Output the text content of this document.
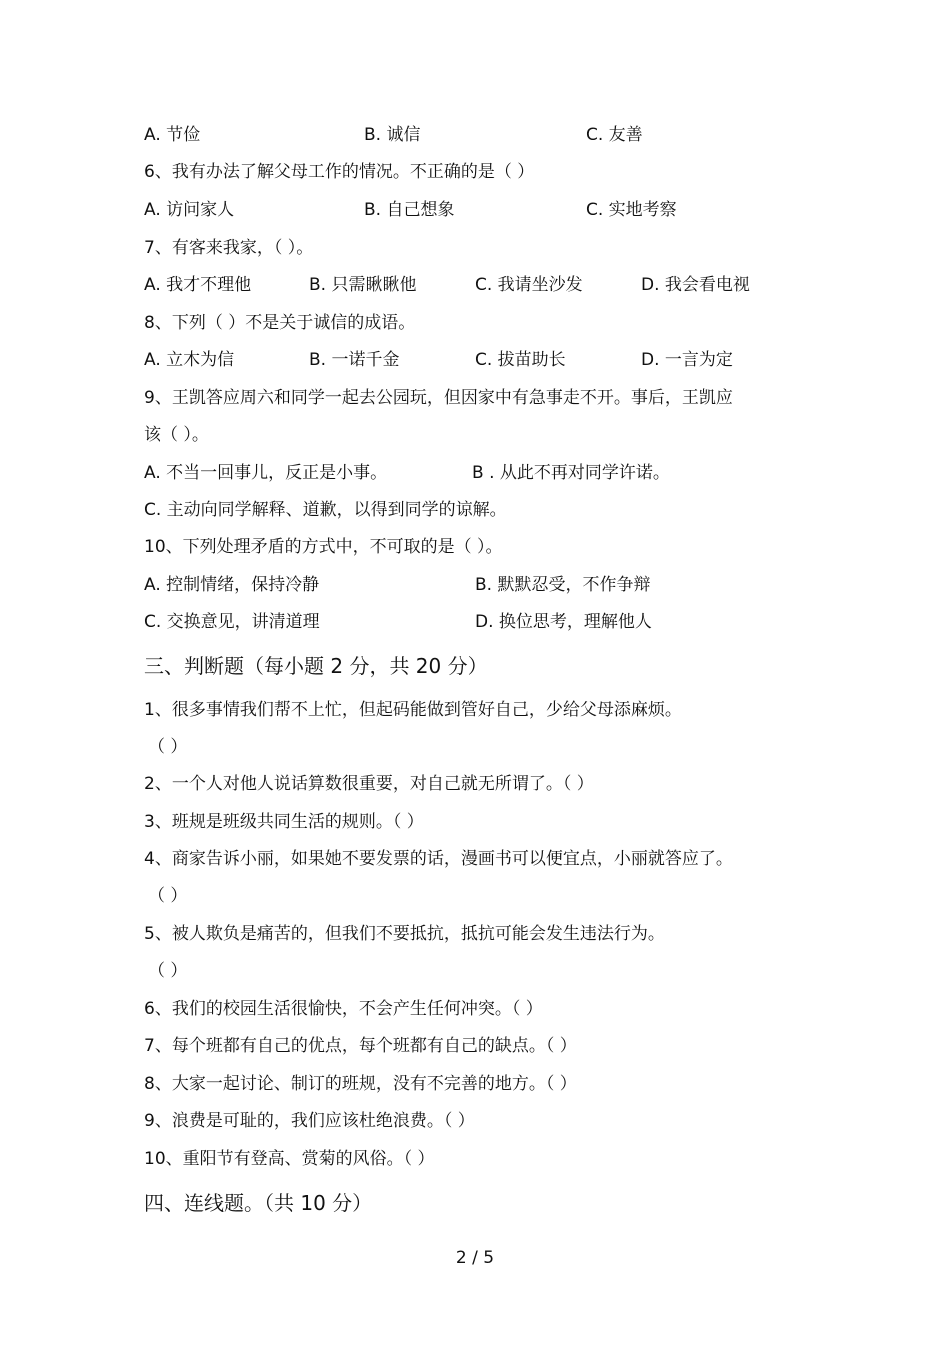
A. 节俭	B. 诚信	C. 友善
6、我有办法了解父母工作的情况。不正确的是（ ）
A. 访问家人	B. 自己想象	C. 实地考察
7、有客来我家，（ ）。
A. 我才不理他	B. 只需瞅瞅他	C. 我请坐沙发	D. 我会看电视
8、下列（ ）不是关于诚信的成语。
A. 立木为信	B. 一诺千金	C. 拔苗助长	D. 一言为定
9、王凯答应周六和同学一起去公园玩，但因家中有急事走不开。事后，王凯应
该（ ）。
A. 不当一回事儿，反正是小事。	B . 从此不再对同学许诺。
C. 主动向同学解释、道歉，以得到同学的谅解。
10、下列处理矛盾的方式中，不可取的是（ ）。
A. 控制情绪，保持冷静	B. 默默忍受，不作争辩
C. 交换意见，讲清道理	D. 换位思考，理解他人
三、判断题（每小题 2 分，共 20 分）
1、很多事情我们帮不上忙，但起码能做到管好自己，少给父母添麻烦。
（ ）
2、一个人对他人说话算数很重要，对自己就无所谓了。（ ）
3、班规是班级共同生活的规则。（ ）
4、商家告诉小丽，如果她不要发票的话，漫画书可以便宜点，小丽就答应了。
（ ）
5、被人欺负是痛苦的，但我们不要抵抗，抵抗可能会发生违法行为。
（ ）
6、我们的校园生活很愉快，不会产生任何冲突。（ ）
7、每个班都有自己的优点，每个班都有自己的缺点。（ ）
8、大家一起讨论、制订的班规，没有不完善的地方。（ ）
9、浪费是可耻的，我们应该杜绝浪费。（ ）
10、重阳节有登高、赏菊的风俗。（ ）
四、连线题。（共 10 分）
2 / 5
